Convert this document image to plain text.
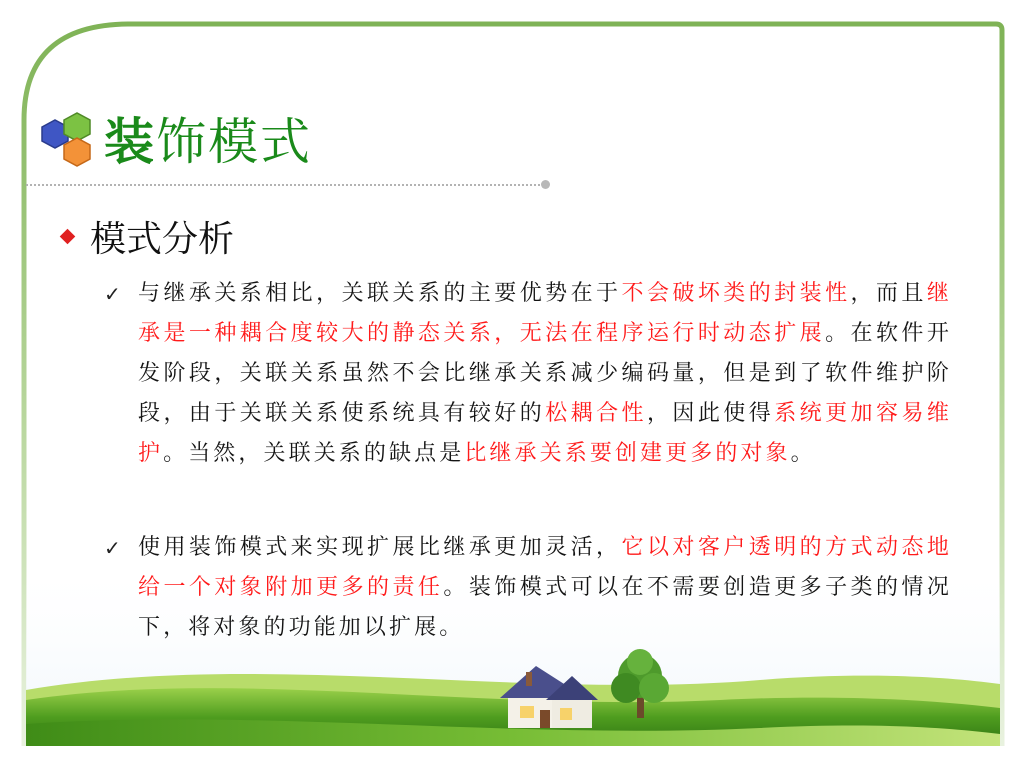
装饰模式
模式分析
✓ 与继承关系相比，关联关系的主要优势在于不会破坏类的封装性，而且继承是一种耦合度较大的静态关系，无法在程序运行时动态扩展。在软件开发阶段，关联关系虽然不会比继承关系减少编码量，但是到了软件维护阶段，由于关联关系使系统具有较好的松耦合性，因此使得系统更加容易维护。当然，关联关系的缺点是比继承关系要创建更多的对象。

✓ 使用装饰模式来实现扩展比继承更加灵活，它以对客户透明的方式动态地给一个对象附加更多的责任。装饰模式可以在不需要创造更多子类的情况下，将对象的功能加以扩展。
